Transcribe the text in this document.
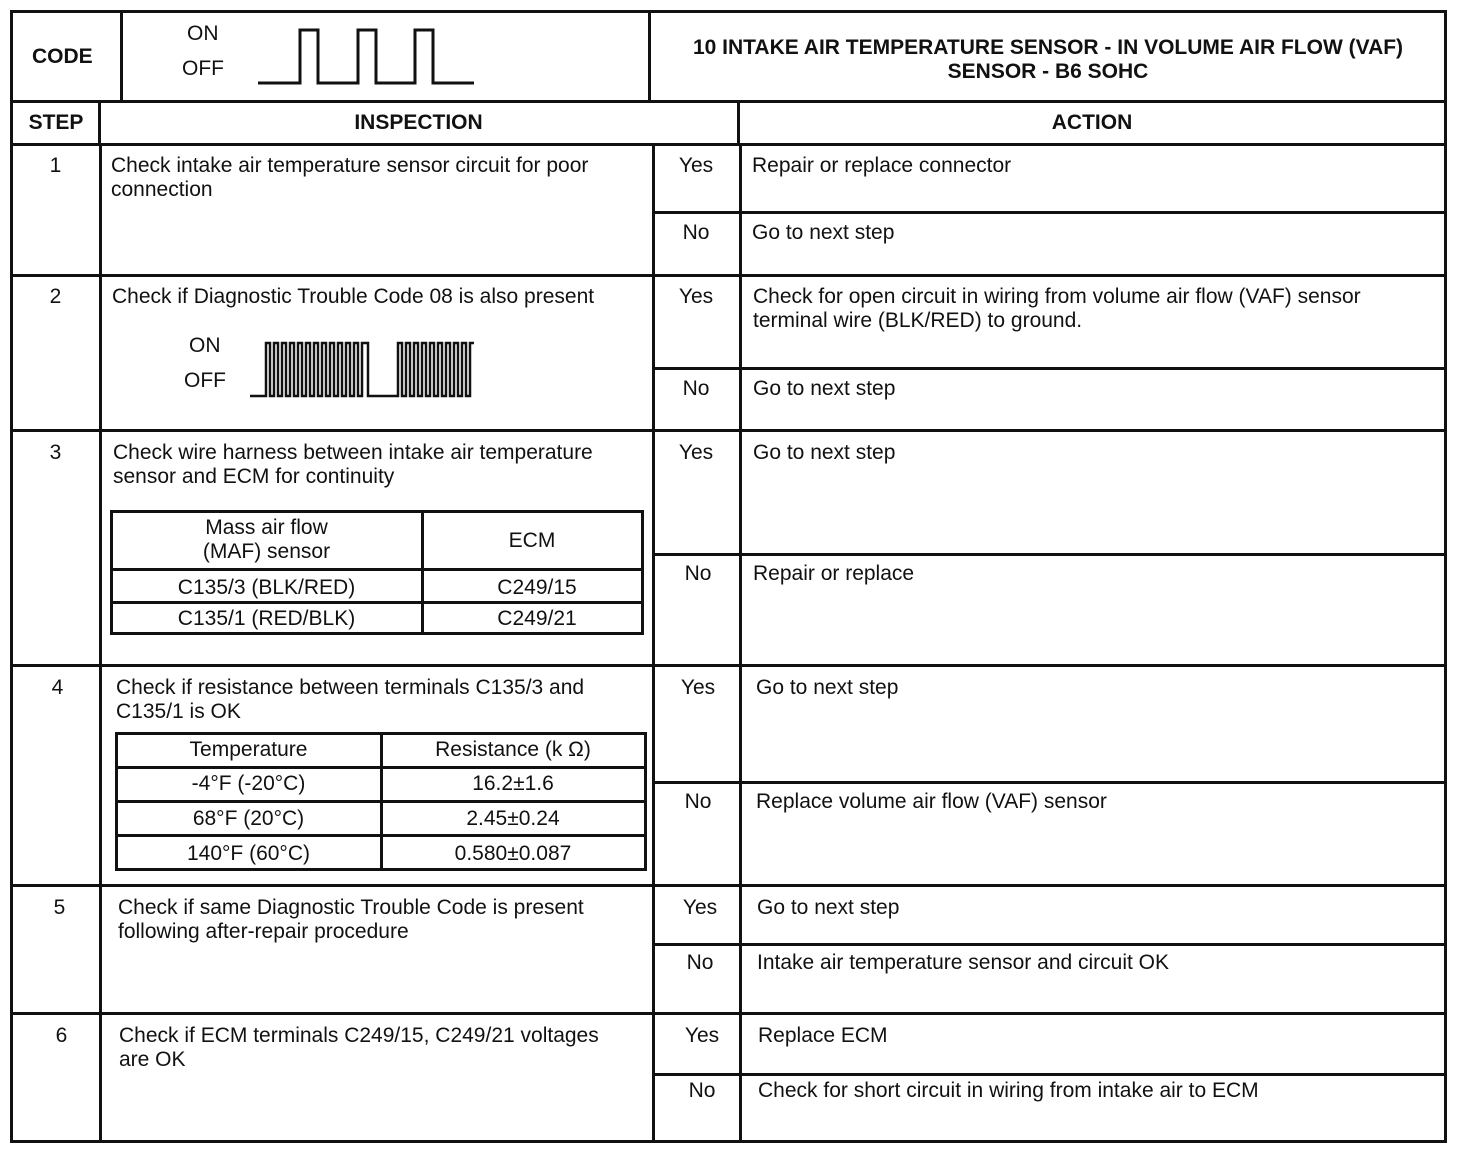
CODE
ON
OFF
10 INTAKE AIR TEMPERATURE SENSOR - IN VOLUME AIR FLOW (VAF)
SENSOR - B6 SOHC
STEP	INSPECTION	ACTION
1	Check intake air temperature sensor circuit for poor
connection
Yes	Repair or replace connector
No	Go to next step
2	Check if Diagnostic Trouble Code 08 is also present
ON
OFF
Yes	Check for open circuit in wiring from volume air flow (VAF) sensor
terminal wire (BLK/RED) to ground.
No	Go to next step
3	Check wire harness between intake air temperature
sensor and ECM for continuity
Mass air flow
(MAF) sensor	ECM
C135/3 (BLK/RED)	C249/15
C135/1 (RED/BLK)	C249/21
Yes	Go to next step
No	Repair or replace
4	Check if resistance between terminals C135/3 and
C135/1 is OK
Temperature	Resistance (k Ω)
-4°F (-20°C)	16.2±1.6
68°F (20°C)	2.45±0.24
140°F (60°C)	0.580±0.087
Yes	Go to next step
No	Replace volume air flow (VAF) sensor
5	Check if same Diagnostic Trouble Code is present
following after-repair procedure
Yes	Go to next step
No	Intake air temperature sensor and circuit OK
6	Check if ECM terminals C249/15, C249/21 voltages
are OK
Yes	Replace ECM
No	Check for short circuit in wiring from intake air to ECM
